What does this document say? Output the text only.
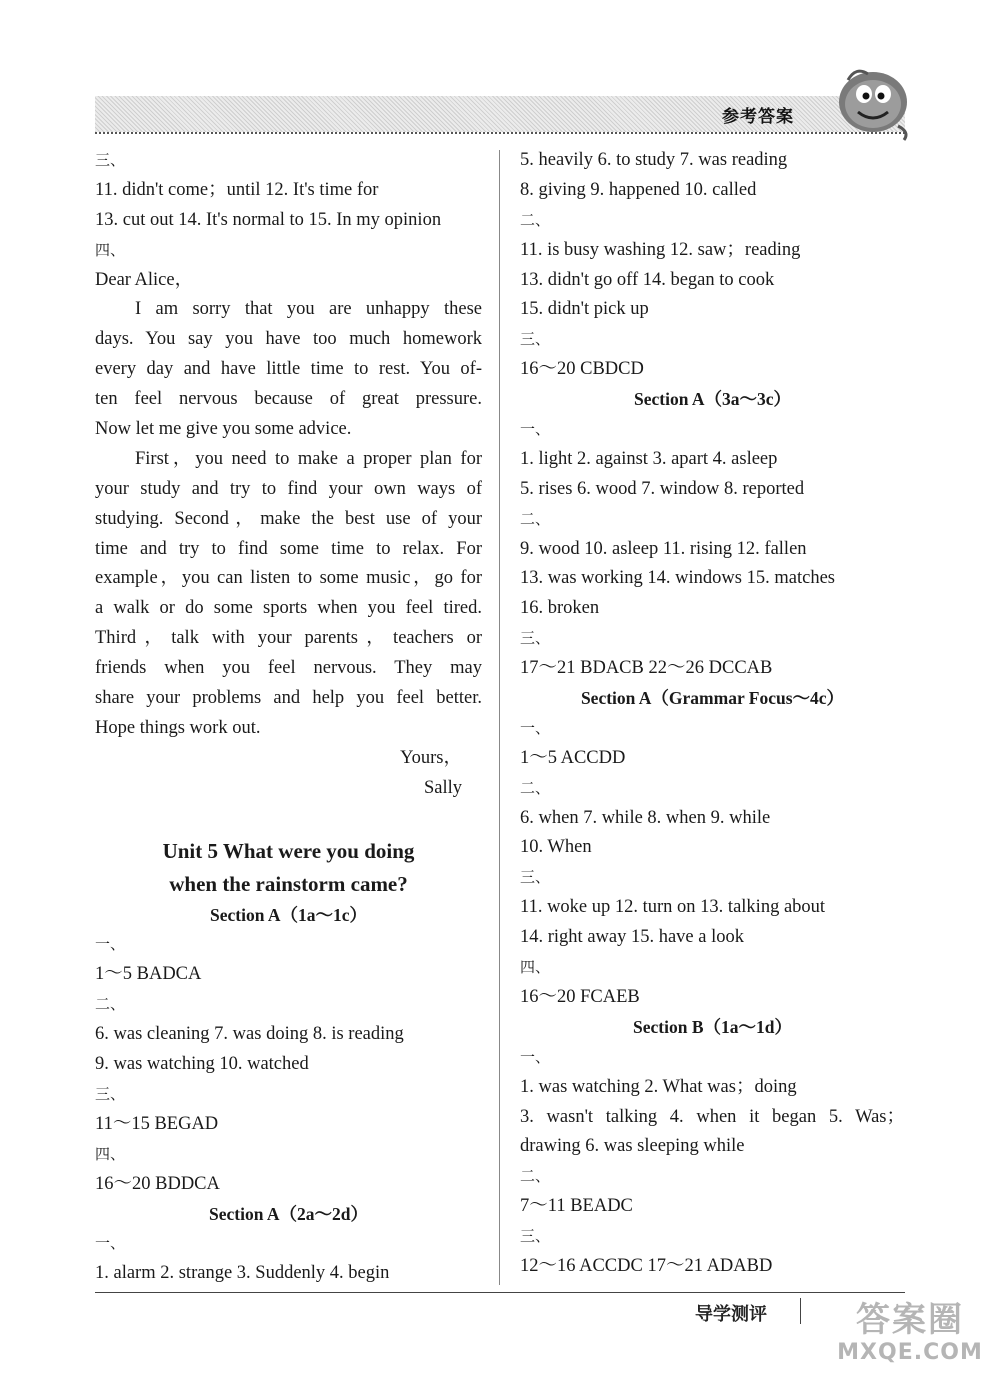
参考答案
三、
11. didn't come；until 12. It's time for
13. cut out 14. It's normal to 15. In my opinion
四、
Dear Alice，
I am sorry that you are unhappy these
days. You say you have too much homework
every day and have little time to rest. You of-
ten feel nervous because of great pressure.
Now let me give you some advice.
First，you need to make a proper plan for
your study and try to find your own ways of
studying. Second，make the best use of your
time and try to find some time to relax. For
example，you can listen to some music，go for
a walk or do some sports when you feel tired.
Third，talk with your parents，teachers or
friends when you feel nervous. They may
share your problems and help you feel better.
Hope things work out.
Yours，
Sally
Unit 5 What were you doing
when the rainstorm came?
Section A（1a～1c）
一、
1～5 BADCA
二、
6. was cleaning 7. was doing 8. is reading
9. was watching 10. watched
三、
11～15 BEGAD
四、
16～20 BDDCA
Section A（2a～2d）
一、
1. alarm 2. strange 3. Suddenly 4. begin
5. heavily 6. to study 7. was reading
8. giving 9. happened 10. called
二、
11. is busy washing 12. saw；reading
13. didn't go off 14. began to cook
15. didn't pick up
三、
16～20 CBDCD
Section A（3a～3c）
一、
1. light 2. against 3. apart 4. asleep
5. rises 6. wood 7. window 8. reported
二、
9. wood 10. asleep 11. rising 12. fallen
13. was working 14. windows 15. matches
16. broken
三、
17～21 BDACB 22～26 DCCAB
Section A（Grammar Focus～4c）
一、
1～5 ACCDD
二、
6. when 7. while 8. when 9. while
10. When
三、
11. woke up 12. turn on 13. talking about
14. right away 15. have a look
四、
16～20 FCAEB
Section B（1a～1d）
一、
1. was watching 2. What was；doing
3. wasn't talking 4. when it began 5. Was；
drawing 6. was sleeping while
二、
7～11 BEADC
三、
12～16 ACCDC 17～21 ADABD
导学测评	答案圈
MXQE.COM
